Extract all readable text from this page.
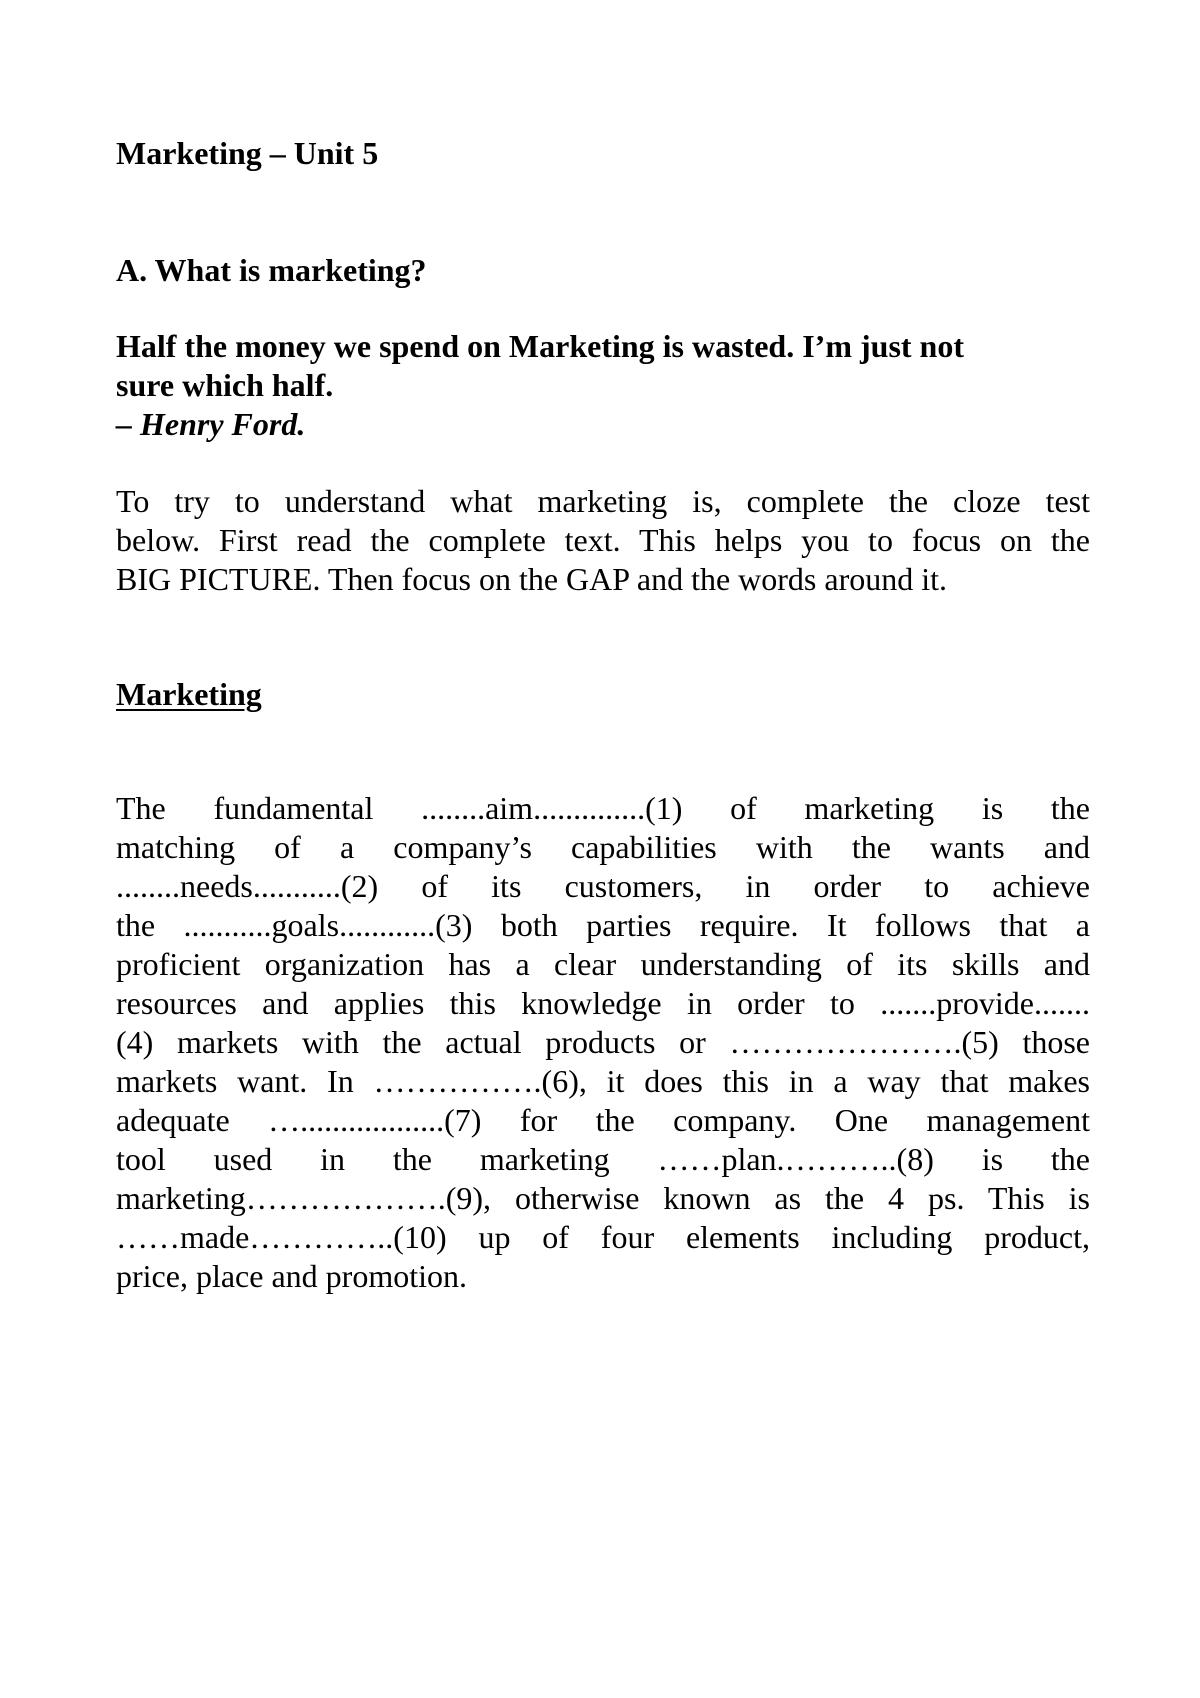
Marketing – Unit 5

A. What is marketing?

Half the money we spend on Marketing is wasted. I’m just not

sure which half.

– Henry Ford.

To try to understand what marketing is, complete the cloze test

below. First read the complete text. This helps you to focus on the

BIG PICTURE. Then focus on the GAP and the words around it.

Marketing

The fundamental ........aim..............(1) of marketing is the

matching of a company’s capabilities with the wants and

........needs...........(2) of its customers, in order to achieve

the ...........goals............(3) both parties require. It follows that a

proficient organization has a clear understanding of its skills and

resources and applies this knowledge in order to .......provide.......

(4) markets with the actual products or ………………….(5) those

markets want. In …………….(6), it does this in a way that makes

adequate …..................(7) for the company. One management

tool used in the marketing ……plan.………..(8) is the

marketing……………….(9), otherwise known as the 4 ps. This is

……made…………..(10) up of four elements including product,

price, place and promotion.
